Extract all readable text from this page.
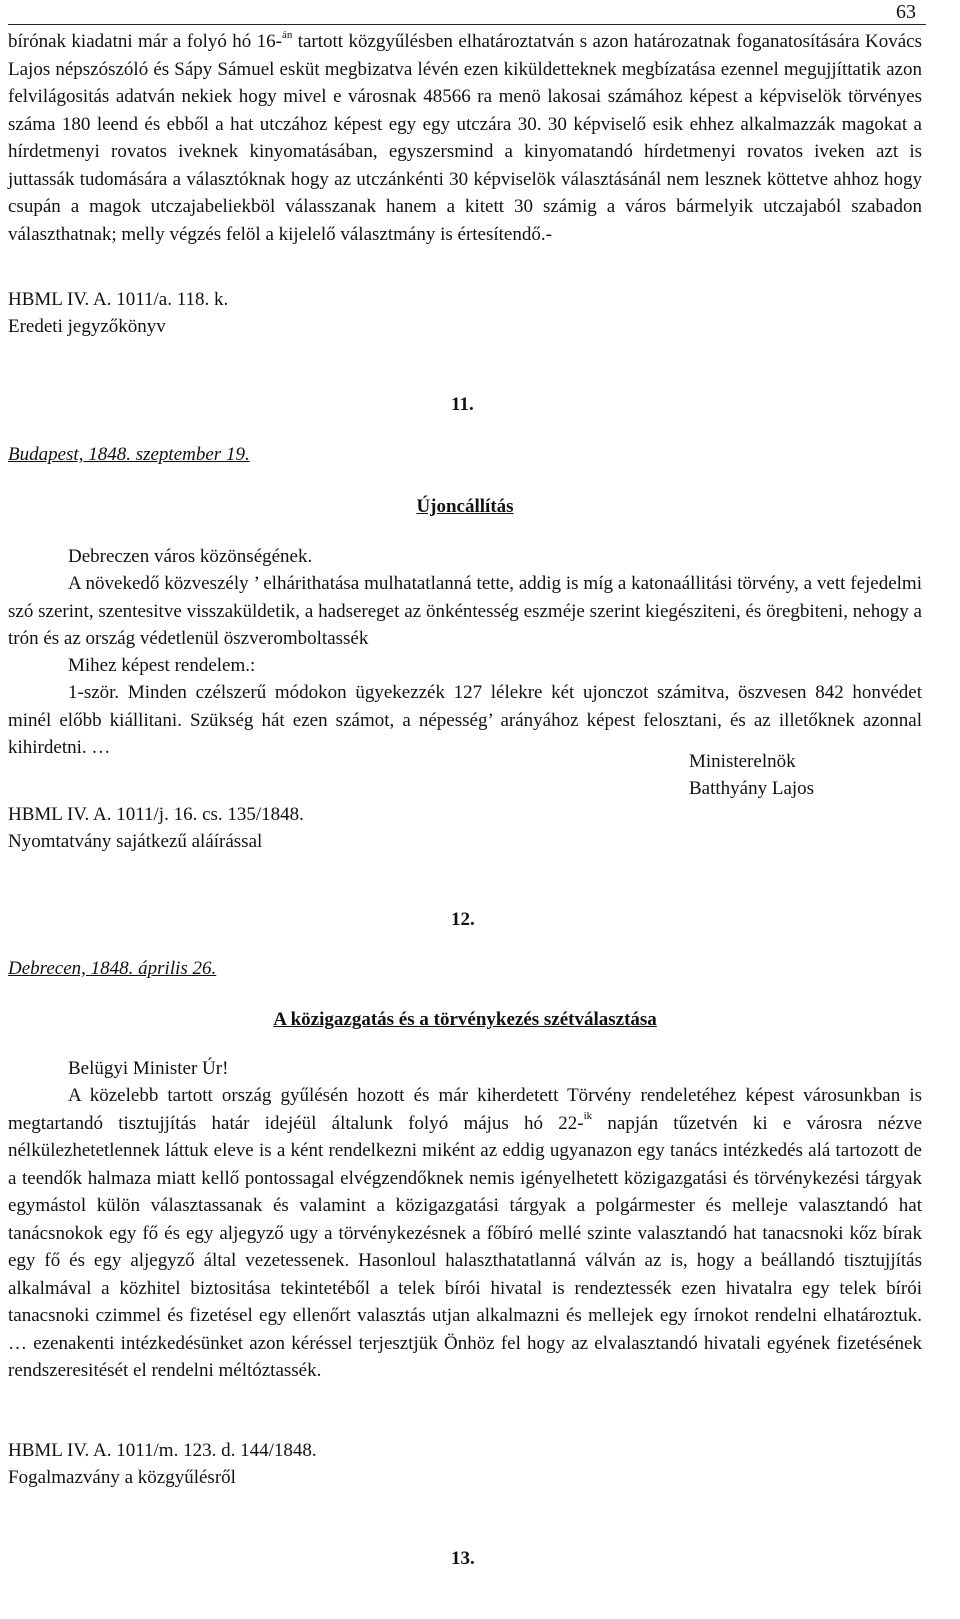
63
bírónak kiadatni már a folyó hó 16-$^{án}$ tartott közgyűlésben elhatároztatván s azon határozatnak foganatosítására Kovács Lajos népszószóló és Sápy Sámuel esküt megbizatva lévén ezen kiküldetteknek megbízatása ezennel megujjíttatik azon felvilágositás adatván nekiek hogy mivel e városnak 48566 ra menö lakosai számához képest a képviselök törvényes száma 180 leend és ebből a hat utczához képest egy egy utczára 30. 30 képviselő esik ehhez alkalmazzák magokat a hírdetmenyi rovatos iveknek kinyomatásában, egyszersmind a kinyomatandó hírdetmenyi rovatos iveken azt is juttassák tudomására a választóknak hogy az utczánkénti 30 képviselök választásánál nem lesznek köttetve ahhoz hogy csupán a magok utczajabeliekböl válasszanak hanem a kitett 30 számig a város bármelyik utczajaból szabadon választhatnak; melly végzés felöl a kijelelő választmány is értesítendő.-
HBML IV. A. 1011/a. 118. k.
Eredeti jegyzőkönyv
11.
Budapest, 1848. szeptember 19.
Újoncállítás
Debreczen város közönségének.
A növekedő közveszély ’ elhárithatása mulhatatlanná tette, addig is míg a katonaállitási törvény, a vett fejedelmi szó szerint, szentesitve visszaküldetik, a hadsereget az önkéntesség eszméje szerint kiegésziteni, és öregbiteni, nehogy a trón és az ország védetlenül öszveromboltassék
Mihez képest rendelem.:
1-ször. Minden czélszerű módokon ügyekezzék 127 lélekre két ujonczot számitva, öszvesen 842 honvédet minél előbb kiállitani. Szükség hát ezen számot, a népesség’ arányához képest felosztani, és az illetőknek azonnal kihirdetni. …
Ministerelnök
Batthyány Lajos
HBML IV. A. 1011/j. 16. cs. 135/1848.
Nyomtatvány sajátkezű aláírással
12.
Debrecen, 1848. április 26.
A közigazgatás és a törvénykezés szétválasztása
Belügyi Minister Úr!
A közelebb tartott ország gyűlésén hozott és már kiherdetett Törvény rendeletéhez képest városunkban is megtartandó tisztujjítás határ idejéül általunk folyó május hó 22-$^{ik}$ napján tűzetvén ki e városra nézve nélkülezhetetlennek láttuk eleve is a ként rendelkezni miként az eddig ugyanazon egy tanács intézkedés alá tartozott de a teendők halmaza miatt kellő pontossagal elvégzendőknek nemis igényelhetett közigazgatási és törvénykezési tárgyak egymástol külön választassanak és valamint a közigazgatási tárgyak a polgármester és melleje valasztandó hat tanácsnokok egy fő és egy aljegyző ugy a törvénykezésnek a főbíró mellé szinte valasztandó hat tanacsnoki kőz bírak egy fő és egy aljegyző által vezetessenek. Hasonloul halaszthatatlanná válván az is, hogy a beállandó tisztujjítás alkalmával a közhitel biztositása tekintetéből a telek bírói hivatal is rendeztessék ezen hivatalra egy telek bírói tanacsnoki czimmel és fizetésel egy ellenőrt valasztás utjan alkalmazni és mellejek egy írnokot rendelni elhatároztuk. … ezenakenti intézkedésünket azon kéréssel terjesztjük Önhöz fel hogy az elvalasztandó hivatali egyének fizetésének rendszeresitését el rendelni méltóztassék.
HBML IV. A. 1011/m. 123. d. 144/1848.
Fogalmazvány a közgyűlésről
13.
